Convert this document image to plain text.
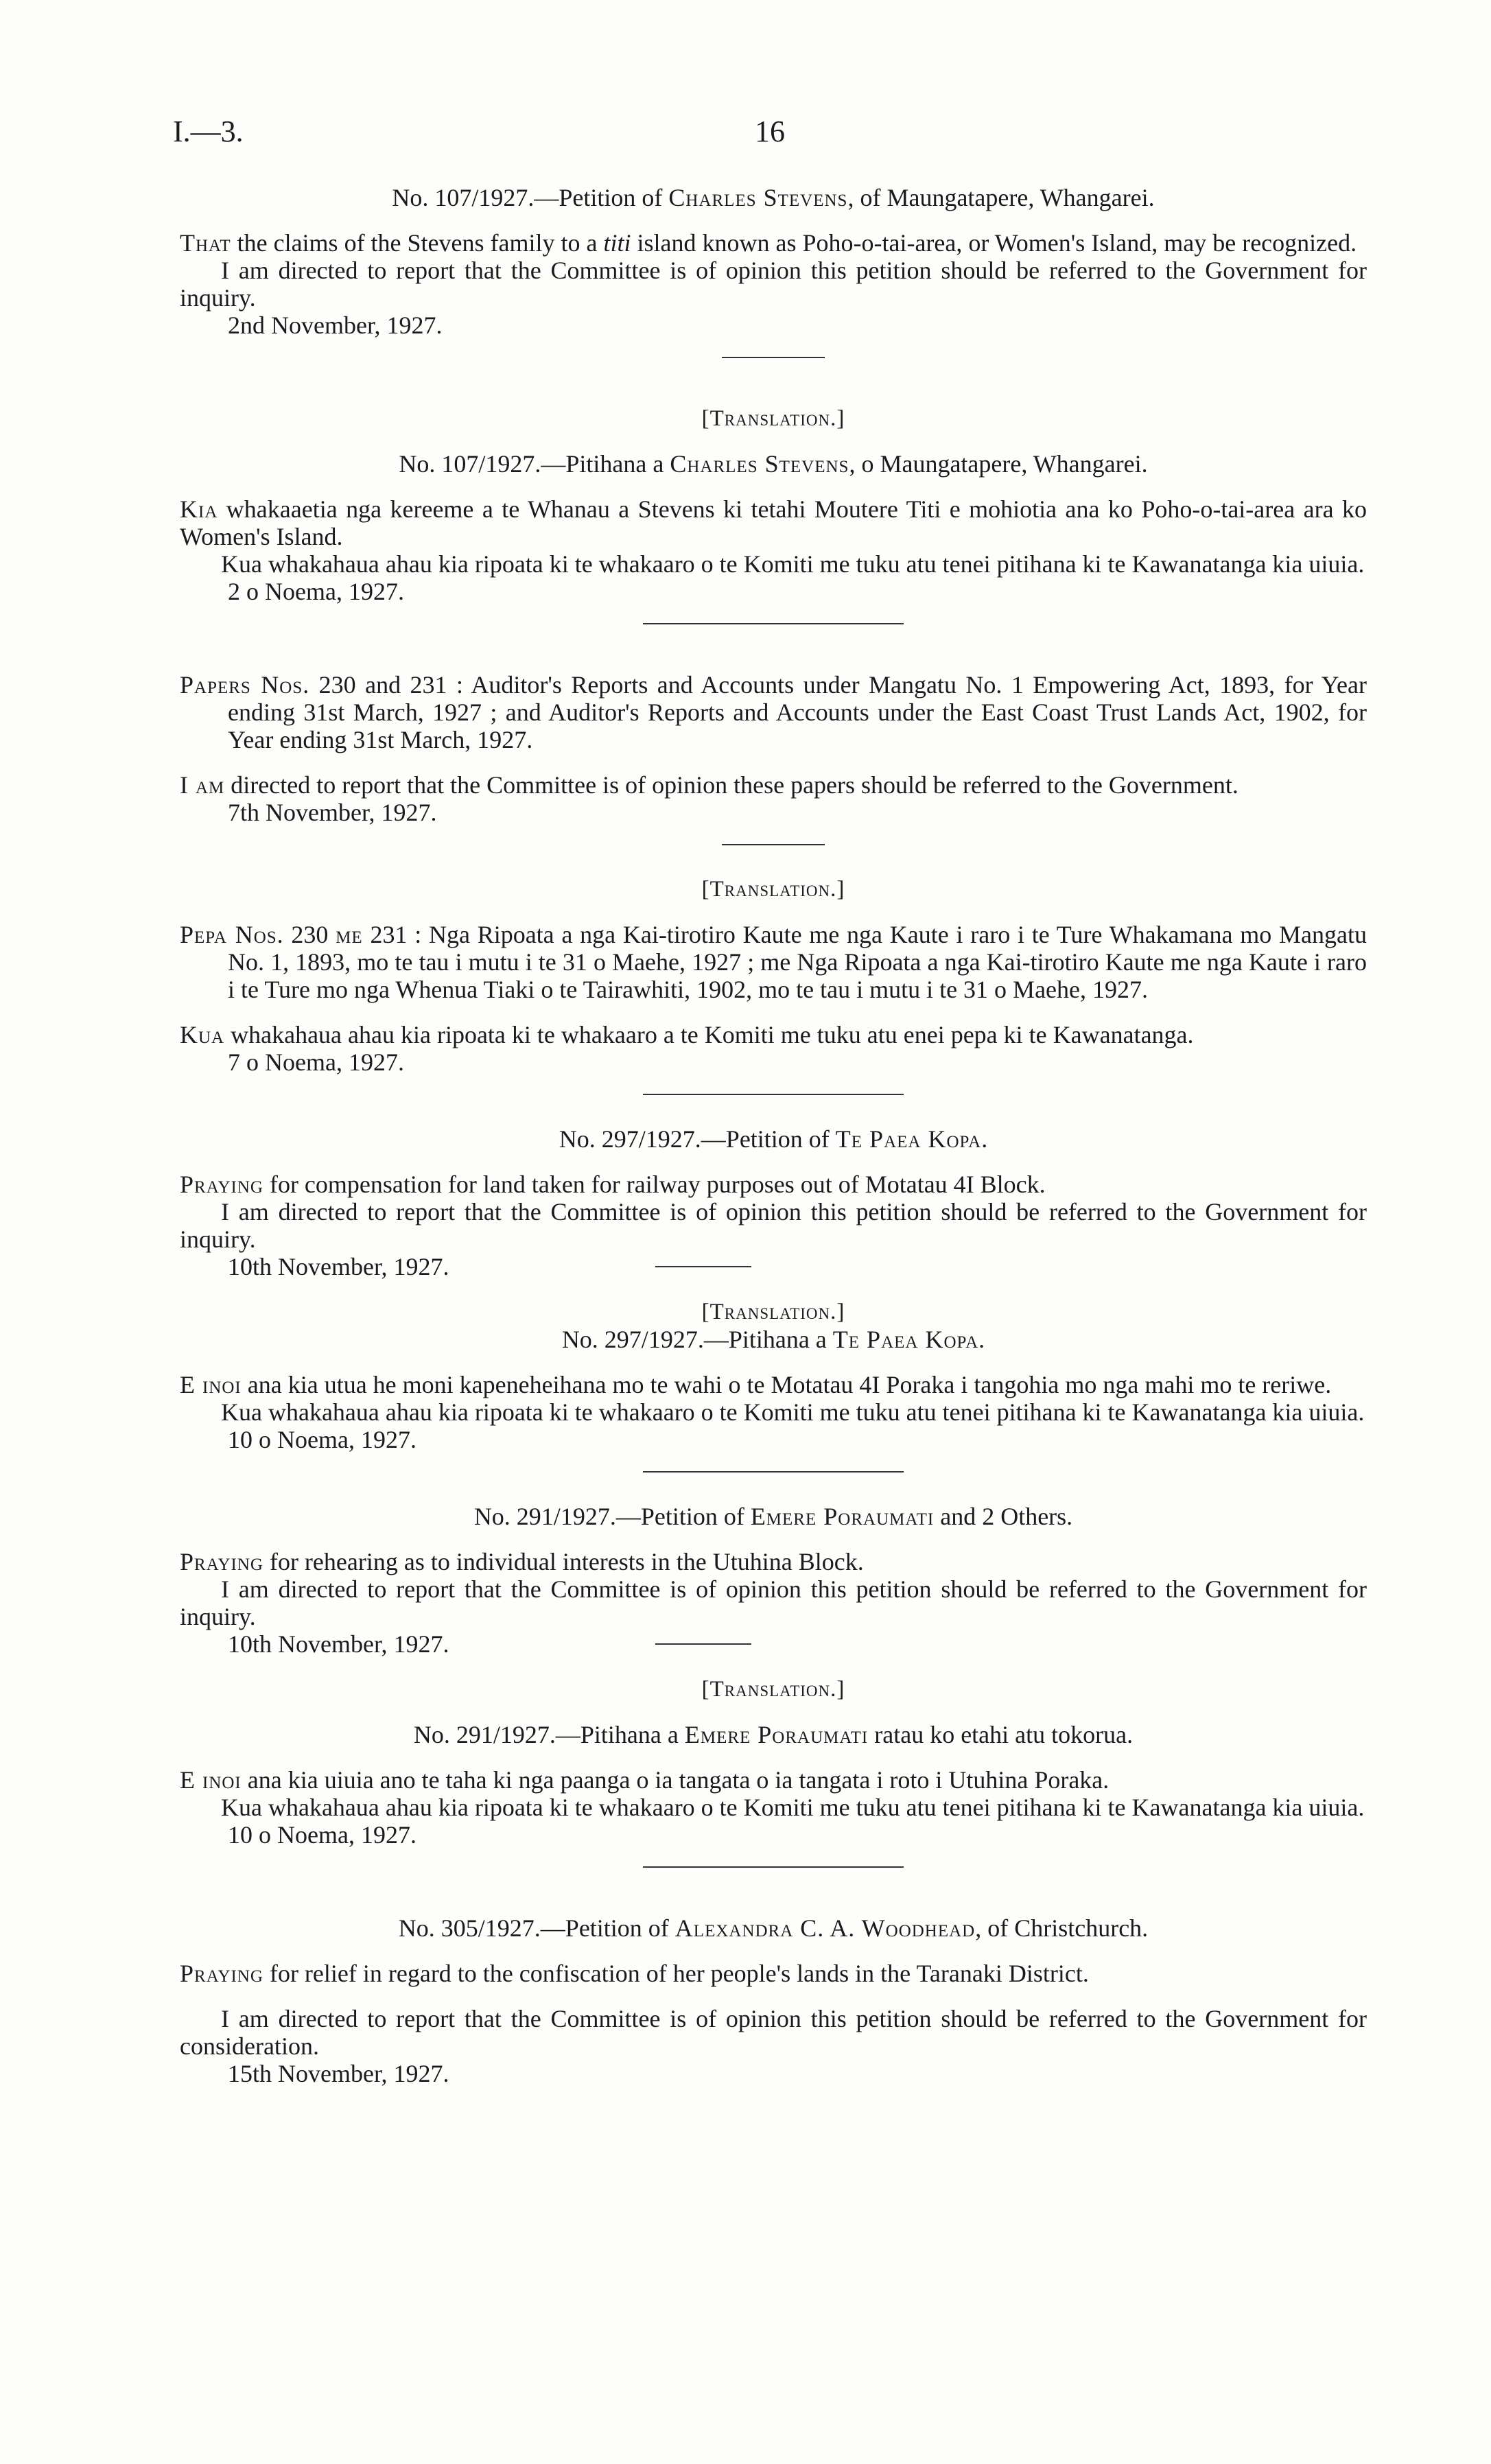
I.—3.	16

No. 107/1927.—Petition of Charles Stevens, of Maungatapere, Whangarei.

That the claims of the Stevens family to a titi island known as Poho-o-tai-area, or Women's Island, may be recognized.

I am directed to report that the Committee is of opinion this petition should be referred to the Government for inquiry.

2nd November, 1927.

[Translation.]

No. 107/1927.—Pitihana a Charles Stevens, o Maungatapere, Whangarei.

Kia whakaaetia nga kereeme a te Whanau a Stevens ki tetahi Moutere Titi e mohiotia ana ko Poho-o-tai-area ara ko Women's Island.

Kua whakahaua ahau kia ripoata ki te whakaaro o te Komiti me tuku atu tenei pitihana ki te Kawanatanga kia uiuia.

2 o Noema, 1927.

Papers Nos. 230 and 231 : Auditor's Reports and Accounts under Mangatu No. 1 Empowering Act, 1893, for Year ending 31st March, 1927 ; and Auditor's Reports and Accounts under the East Coast Trust Lands Act, 1902, for Year ending 31st March, 1927.

I am directed to report that the Committee is of opinion these papers should be referred to the Government.

7th November, 1927.

[Translation.]

Pepa Nos. 230 me 231 : Nga Ripoata a nga Kai-tirotiro Kaute me nga Kaute i raro i te Ture Whakamana mo Mangatu No. 1, 1893, mo te tau i mutu i te 31 o Maehe, 1927 ; me Nga Ripoata a nga Kai-tirotiro Kaute me nga Kaute i raro i te Ture mo nga Whenua Tiaki o te Tairawhiti, 1902, mo te tau i mutu i te 31 o Maehe, 1927.

Kua whakahaua ahau kia ripoata ki te whakaaro a te Komiti me tuku atu enei pepa ki te Kawanatanga.

7 o Noema, 1927.

No. 297/1927.—Petition of Te Paea Kopa.

Praying for compensation for land taken for railway purposes out of Motatau 4I Block.

I am directed to report that the Committee is of opinion this petition should be referred to the Government for inquiry.

10th November, 1927.

[Translation.]

No. 297/1927.—Pitihana a Te Paea Kopa.

E inoi ana kia utua he moni kapeneheihana mo te wahi o te Motatau 4I Poraka i tangohia mo nga mahi mo te reriwe.

Kua whakahaua ahau kia ripoata ki te whakaaro o te Komiti me tuku atu tenei pitihana ki te Kawanatanga kia uiuia.

10 o Noema, 1927.

No. 291/1927.—Petition of Emere Poraumati and 2 Others.

Praying for rehearing as to individual interests in the Utuhina Block.

I am directed to report that the Committee is of opinion this petition should be referred to the Government for inquiry.

10th November, 1927.

[Translation.]

No. 291/1927.—Pitihana a Emere Poraumati ratau ko etahi atu tokorua.

E inoi ana kia uiuia ano te taha ki nga paanga o ia tangata o ia tangata i roto i Utuhina Poraka.

Kua whakahaua ahau kia ripoata ki te whakaaro o te Komiti me tuku atu tenei pitihana ki te Kawanatanga kia uiuia.

10 o Noema, 1927.

No. 305/1927.—Petition of Alexandra C. A. Woodhead, of Christchurch.

Praying for relief in regard to the confiscation of her people's lands in the Taranaki District.

I am directed to report that the Committee is of opinion this petition should be referred to the Government for consideration.

15th November, 1927.
